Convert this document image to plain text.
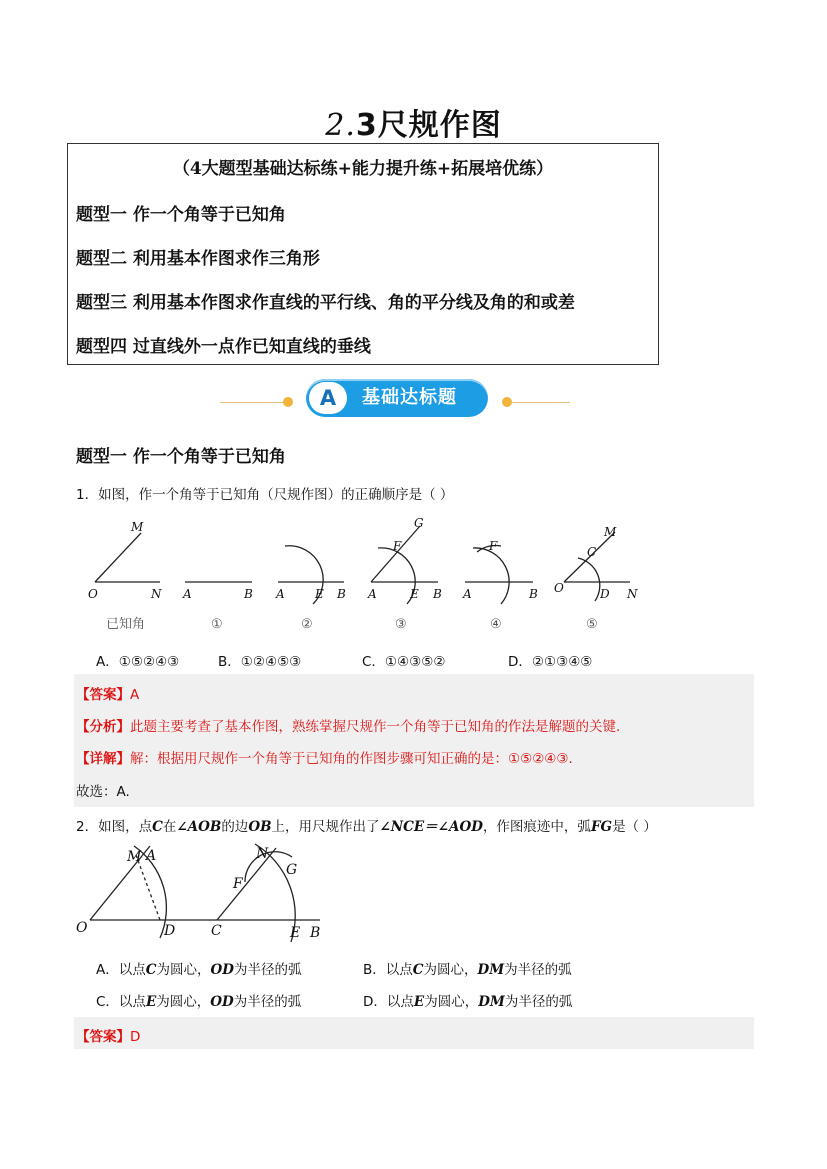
2.3尺规作图
（4大题型基础达标练+能力提升练+拓展培优练）
题型一 作一个角等于已知角
题型二 利用基本作图求作三角形
题型三 利用基本作图求作直线的平行线、角的平分线及角的和或差
题型四 过直线外一点作已知直线的垂线
A	基础达标题
题型一 作一个角等于已知角
1．如图，作一个角等于已知角（尺规作图）的正确顺序是（ ）
M
O	N A	B A	E B
G
F
A	E B
F
A	B
M
C
O	D N
已知角	①	②	③	④	⑤
A．①⑤②④③	B．①②④⑤③	C．①④③⑤②	D．②①③④⑤
【答案】A
【分析】此题主要考查了基本作图，熟练掌握尺规作一个角等于已知角的作法是解题的关键.
【详解】解：根据用尺规作一个角等于已知角的作图步骤可知正确的是：①⑤②④③．
故选：A.
2．如图，点C在∠AOB的边OB上，用尺规作出了∠NCE＝∠AOD，作图痕迹中，弧FG是（ ）
M A
O	D
N
G
F
C	E B
A．以点C为圆心，OD为半径的弧	B．以点C为圆心，DM为半径的弧
C．以点E为圆心，OD为半径的弧	D．以点E为圆心，DM为半径的弧
【答案】D
